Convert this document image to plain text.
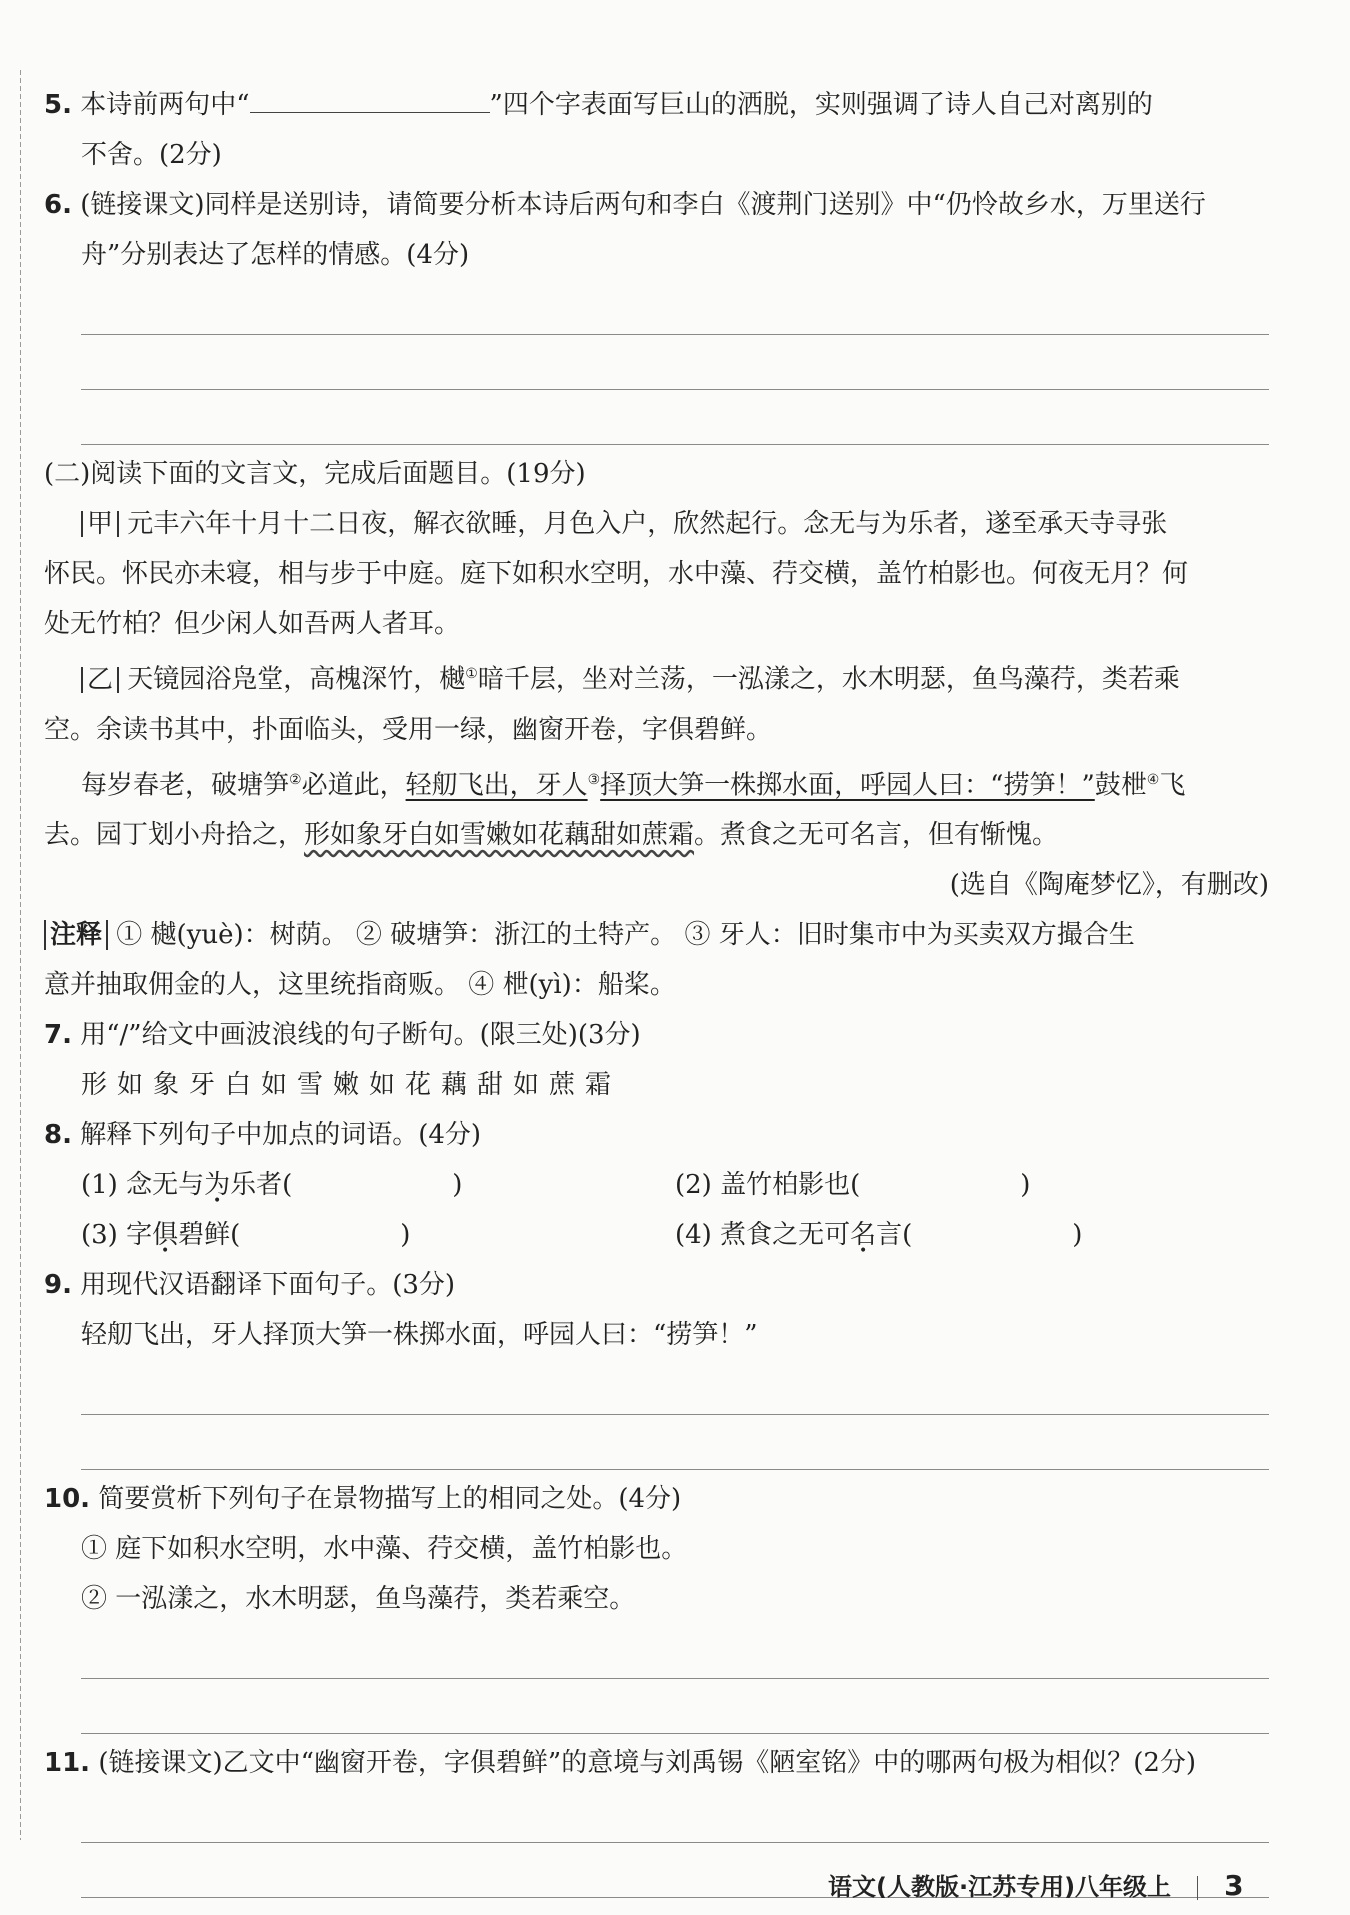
5. 本诗前两句中“	”四个字表面写巨山的洒脱，实则强调了诗人自己对离别的
不舍。(2分)
6. (链接课文)同样是送别诗，请简要分析本诗后两句和李白《渡荆门送别》中“仍怜故乡水，万里送行
舟”分别表达了怎样的情感。(4分)
(二)阅读下面的文言文，完成后面题目。(19分)
甲 元丰六年十月十二日夜，解衣欲睡，月色入户，欣然起行。念无与为乐者，遂至承天寺寻张
怀民。怀民亦未寝，相与步于中庭。庭下如积水空明，水中藻、荇交横，盖竹柏影也。何夜无月？何
处无竹柏？但少闲人如吾两人者耳。
乙 天镜园浴凫堂，高槐深竹，樾①暗千层，坐对兰荡，一泓漾之，水木明瑟，鱼鸟藻荇，类若乘
空。余读书其中，扑面临头，受用一绿，幽窗开卷，字俱碧鲜。
每岁春老，破塘笋②必道此，轻舠飞出，牙人③择顶大笋一株掷水面，呼园人曰：“捞笋！”鼓枻④飞
去。园丁划小舟拾之，形如象牙白如雪嫩如花藕甜如蔗霜。煮食之无可名言，但有惭愧。
(选自《陶庵梦忆》，有删改)
注释 ① 樾(yuè)：树荫。 ② 破塘笋：浙江的土特产。 ③ 牙人：旧时集市中为买卖双方撮合生
意并抽取佣金的人，这里统指商贩。 ④ 枻(yì)：船桨。
7. 用“/”给文中画波浪线的句子断句。(限三处)(3分)
形如象牙白如雪嫩如花藕甜如蔗霜
8. 解释下列句子中加点的词语。(4分)
(1) 念无与为乐者(	)	(2) 盖竹柏影也(	)
(3) 字俱碧鲜(	)	(4) 煮食之无可名言(	)
9. 用现代汉语翻译下面句子。(3分)
轻舠飞出，牙人择顶大笋一株掷水面，呼园人曰：“捞笋！”
10. 简要赏析下列句子在景物描写上的相同之处。(4分)
① 庭下如积水空明，水中藻、荇交横，盖竹柏影也。
② 一泓漾之，水木明瑟，鱼鸟藻荇，类若乘空。
11. (链接课文)乙文中“幽窗开卷，字俱碧鲜”的意境与刘禹锡《陋室铭》中的哪两句极为相似？(2分)
语文(人教版·江苏专用)八年级上 3
